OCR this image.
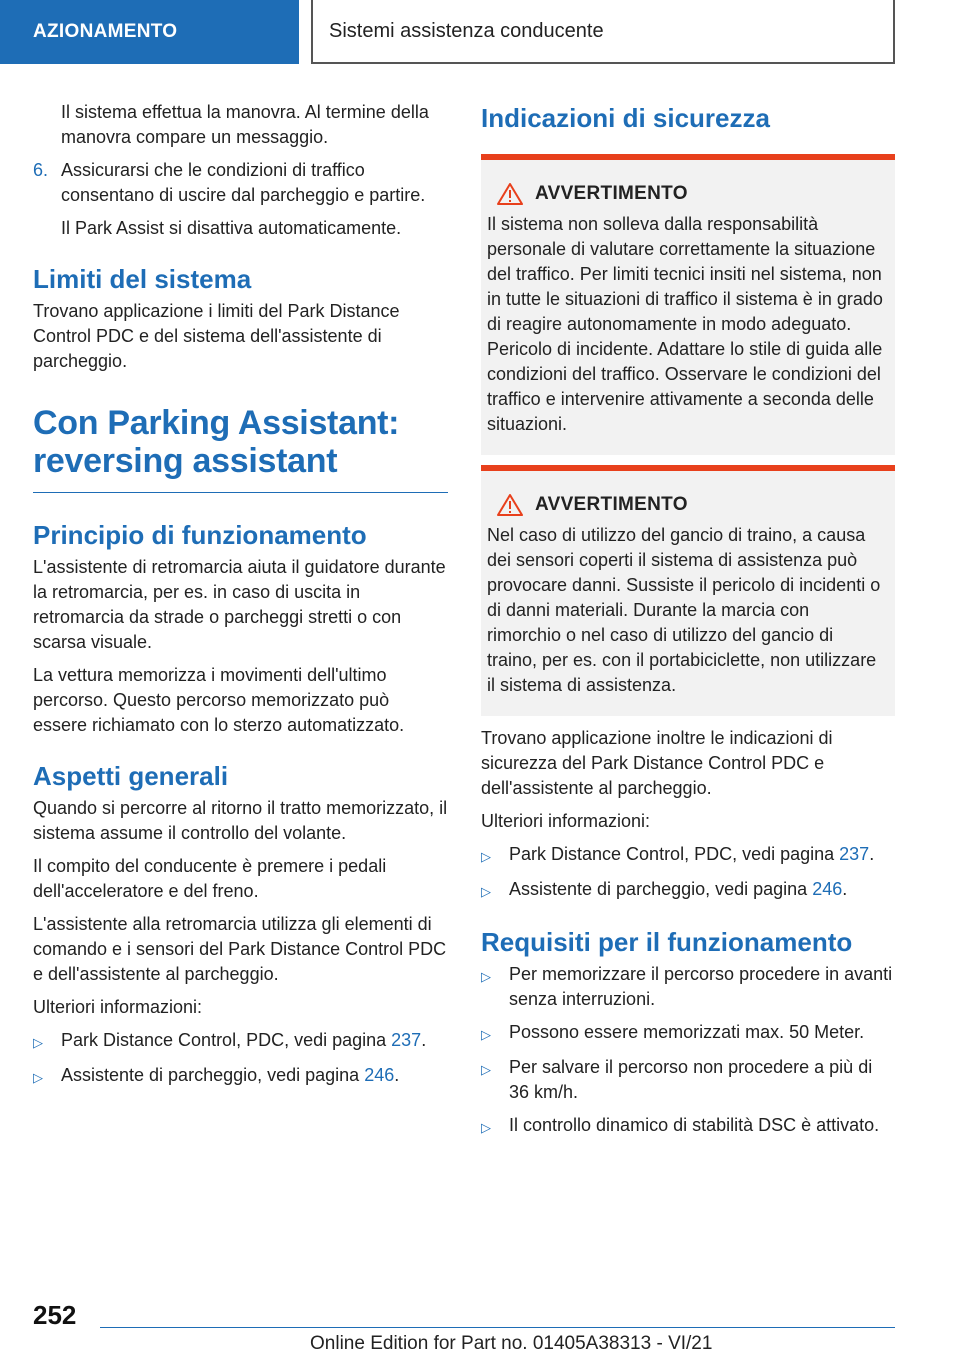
AZIONAMENTO	Sistemi assistenza conducente

Il sistema effettua la manovra. Al termine della manovra compare un messaggio.

6. Assicurarsi che le condizioni di traffico consentano di uscire dal parcheggio e partire.

Il Park Assist si disattiva automaticamente.

Limiti del sistema

Trovano applicazione i limiti del Park Distance Control PDC e del sistema dell'assistente di parcheggio.

Con Parking Assistant: reversing assistant
Principio di funzionamento

L'assistente di retromarcia aiuta il guidatore durante la retromarcia, per es. in caso di uscita in retromarcia da strade o parcheggi stretti o con scarsa visuale.

La vettura memorizza i movimenti dell'ultimo percorso. Questo percorso memorizzato può essere richiamato con lo sterzo automatizzato.

Aspetti generali

Quando si percorre al ritorno il tratto memorizzato, il sistema assume il controllo del volante.

Il compito del conducente è premere i pedali dell'acceleratore e del freno.

L'assistente alla retromarcia utilizza gli elementi di comando e i sensori del Park Distance Control PDC e dell'assistente al parcheggio.

Ulteriori informazioni:

▷	Park Distance Control, PDC, vedi pagina 237.
▷	Assistente di parcheggio, vedi pagina 246.
Indicazioni di sicurezza
AVVERTIMENTO

Il sistema non solleva dalla responsabilità personale di valutare correttamente la situazione del traffico. Per limiti tecnici insiti nel sistema, non in tutte le situazioni di traffico il sistema è in grado di reagire autonomamente in modo adeguato. Pericolo di incidente. Adattare lo stile di guida alle condizioni del traffico. Osservare le condizioni del traffico e intervenire attivamente a seconda delle situazioni.

AVVERTIMENTO

Nel caso di utilizzo del gancio di traino, a causa dei sensori coperti il sistema di assistenza può provocare danni. Sussiste il pericolo di incidenti o di danni materiali. Durante la marcia con rimorchio o nel caso di utilizzo del gancio di traino, per es. con il portabiciclette, non utilizzare il sistema di assistenza.

Trovano applicazione inoltre le indicazioni di sicurezza del Park Distance Control PDC e dell'assistente al parcheggio.

Ulteriori informazioni:

▷	Park Distance Control, PDC, vedi pagina 237.
▷	Assistente di parcheggio, vedi pagina 246.
Requisiti per il funzionamento
▷	Per memorizzare il percorso procedere in avanti senza interruzioni.
▷	Possono essere memorizzati max. 50 Meter.
▷	Per salvare il percorso non procedere a più di 36 km/h.
▷	Il controllo dinamico di stabilità DSC è attivato.
252
Online Edition for Part no. 01405A38313 - VI/21
